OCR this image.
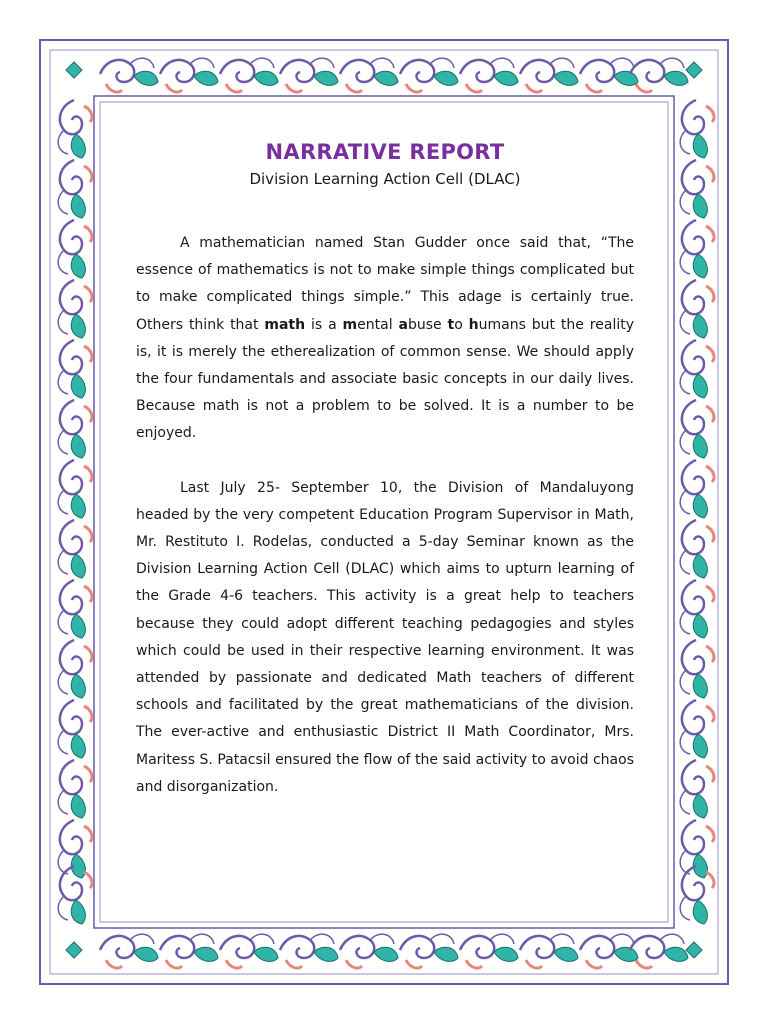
NARRATIVE REPORT

Division Learning Action Cell (DLAC)

A mathematician named Stan Gudder once said that, “The essence of mathematics is not to make simple things complicated but to make complicated things simple.” This adage is certainly true. Others think that math is a mental abuse to humans but the reality is, it is merely the etherealization of common sense. We should apply the four fundamentals and associate basic concepts in our daily lives. Because math is not a problem to be solved. It is a number to be enjoyed.

Last July 25- September 10, the Division of Mandaluyong headed by the very competent Education Program Supervisor in Math, Mr. Restituto I. Rodelas, conducted a 5-day Seminar known as the Division Learning Action Cell (DLAC) which aims to upturn learning of the Grade 4-6 teachers. This activity is a great help to teachers because they could adopt different teaching pedagogies and styles which could be used in their respective learning environment. It was attended by passionate and dedicated Math teachers of different schools and facilitated by the great mathematicians of the division. The ever-active and enthusiastic District II Math Coordinator, Mrs. Maritess S. Patacsil ensured the flow of the said activity to avoid chaos and disorganization.
